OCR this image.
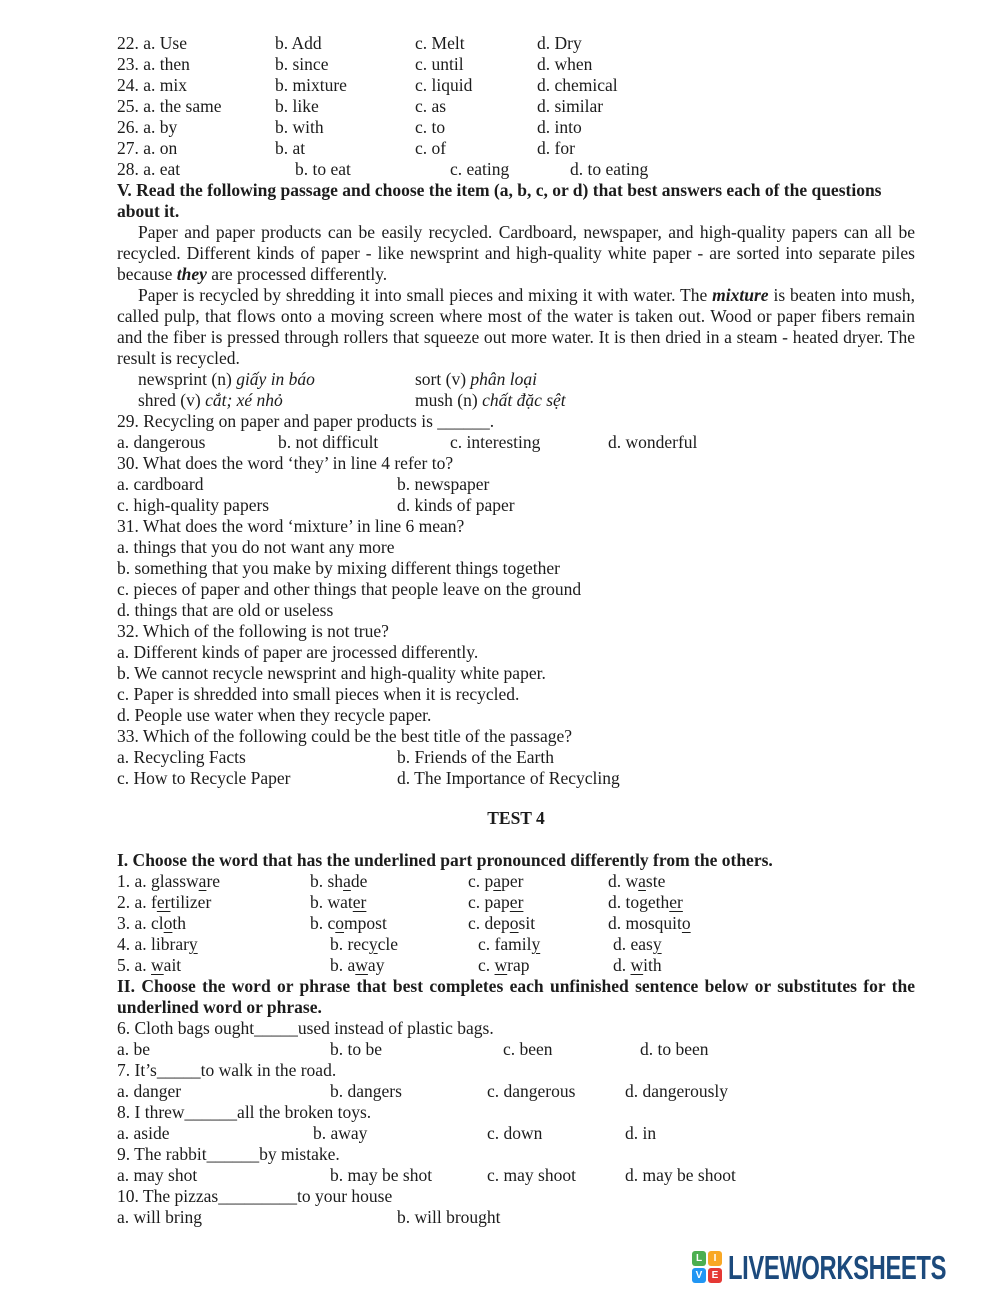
22. a. Use	b. Add	c. Melt	d. Dry
23. a. then	b. since	c. until	d. when
24. a. mix	b. mixture	c. liquid	d. chemical
25. a. the same	b. like	c. as	d. similar
26. a. by	b. with	c. to	d. into
27. a. on	b. at	c. of	d. for
28. a. eat	b. to eat	c. eating	d. to eating
V. Read the following passage and choose the item (a, b, c, or d) that best answers each of the questions about it.
Paper and paper products can be easily recycled. Cardboard, newspaper, and high-quality papers can all be recycled. Different kinds of paper - like newsprint and high-quality white paper - are sorted into separate piles because they are processed differently.
Paper is recycled by shredding it into small pieces and mixing it with water. The mixture is beaten into mush, called pulp, that flows onto a moving screen where most of the water is taken out. Wood or paper fibers remain and the fiber is pressed through rollers that squeeze out more water. It is then dried in a steam - heated dryer. The result is recycled.
newsprint (n) giấy in báo	sort (v) phân loại
shred (v) cắt; xé nhỏ	mush (n) chất đặc sệt
29. Recycling on paper and paper products is ______.
a. dangerous	b. not difficult	c. interesting	d. wonderful
30. What does the word ‘they’ in line 4 refer to?
a. cardboard	b. newspaper
c. high-quality papers	d. kinds of paper
31. What does the word ‘mixture’ in line 6 mean?
a. things that you do not want any more
b. something that you make by mixing different things together
c. pieces of paper and other things that people leave on the ground
d. things that are old or useless
32. Which of the following is not true?
a. Different kinds of paper are jrocessed differently.
b. We cannot recycle newsprint and high-quality white paper.
c. Paper is shredded into small pieces when it is recycled.
d. People use water when they recycle paper.
33. Which of the following could be the best title of the passage?
a. Recycling Facts	b. Friends of the Earth
c. How to Recycle Paper	d. The Importance of Recycling
TEST 4
I. Choose the word that has the underlined part pronounced differently from the others.
1. a. glassware	b. shade	c. paper	d. waste
2. a. fertilizer	b. water	c. paper	d. together
3. a. cloth	b. compost	c. deposit	d. mosquito
4. a. library	b. recycle	c. family	d. easy
5. a. wait	b. away	c. wrap	d. with
II. Choose the word or phrase that best completes each unfinished sentence below or substitutes for the underlined word or phrase.
6. Cloth bags ought_____used instead of plastic bags.
a. be	b. to be	c. been	d. to been
7. It’s_____to walk in the road.
a. danger	b. dangers	c. dangerous	d. dangerously
8. I threw______all the broken toys.
a. aside	b. away	c. down	d. in
9. The rabbit______by mistake.
a. may shot	b. may be shot	c. may shoot	d. may be shoot
10. The pizzas_________to your house
a. will bring	b. will brought
L	I
V E LIVEWORKSHEETS
